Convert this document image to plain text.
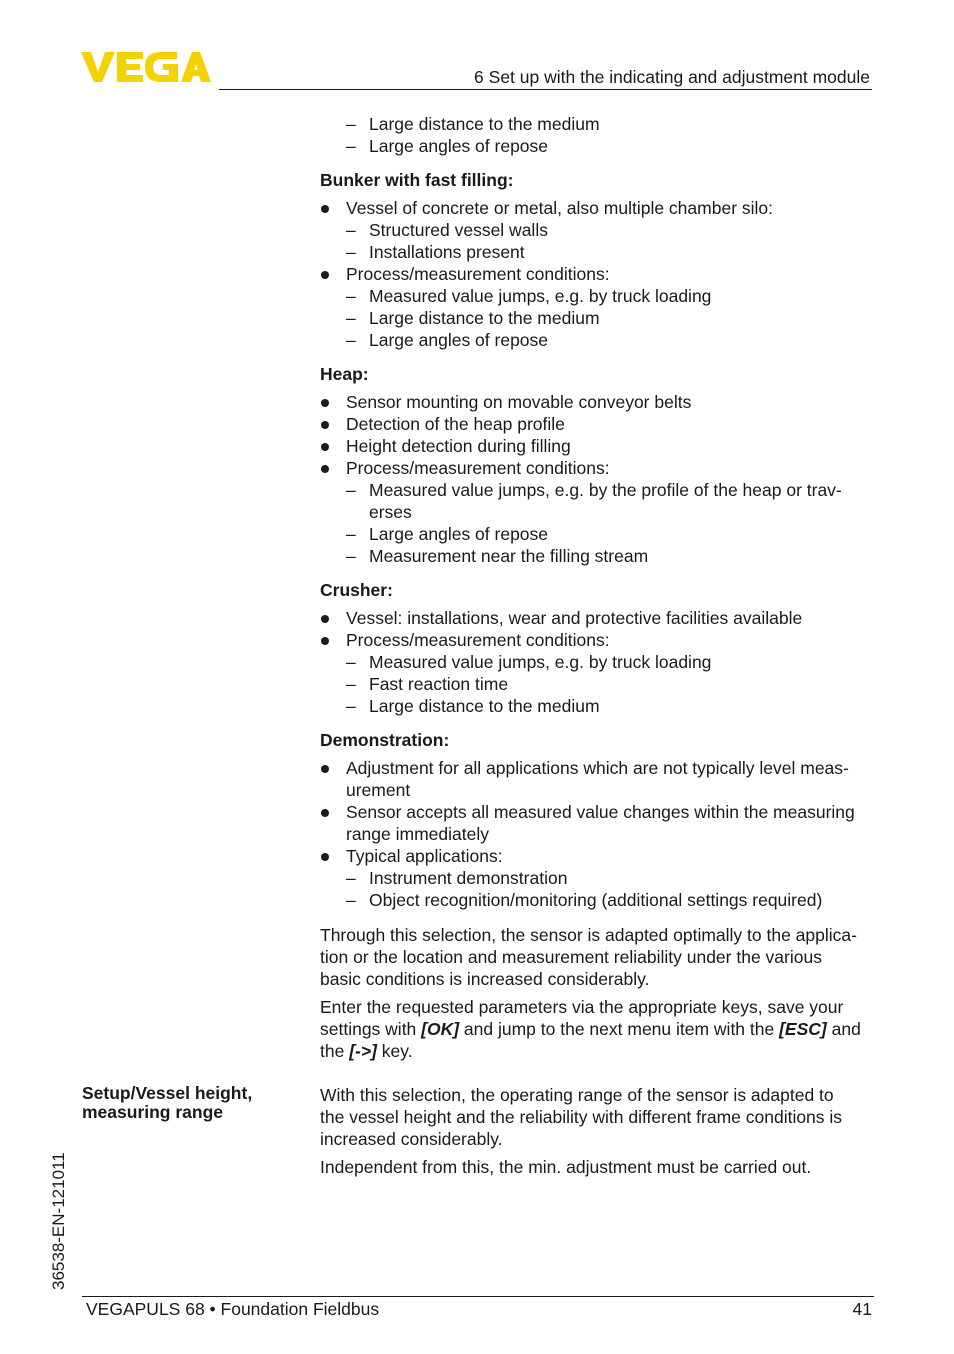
6 Set up with the indicating and adjustment module
– Large distance to the medium
– Large angles of repose
Bunker with fast filling:
Vessel of concrete or metal, also multiple chamber silo:
– Structured vessel walls
– Installations present
Process/measurement conditions:
– Measured value jumps, e.g. by truck loading
– Large distance to the medium
– Large angles of repose
Heap:
Sensor mounting on movable conveyor belts
Detection of the heap profile
Height detection during filling
Process/measurement conditions:
– Measured value jumps, e.g. by the profile of the heap or trav-
erses
– Large angles of repose
– Measurement near the filling stream
Crusher:
Vessel: installations, wear and protective facilities available
Process/measurement conditions:
– Measured value jumps, e.g. by truck loading
– Fast reaction time
– Large distance to the medium
Demonstration:
Adjustment for all applications which are not typically level meas-
urement
Sensor accepts all measured value changes within the measuring
range immediately
Typical applications:
– Instrument demonstration
– Object recognition/monitoring (additional settings required)
Through this selection, the sensor is adapted optimally to the applica-
tion or the location and measurement reliability under the various
basic conditions is increased considerably.
Enter the requested parameters via the appropriate keys, save your
settings with [OK] and jump to the next menu item with the [ESC] and
the [->] key.
Setup/Vessel height,
measuring range
With this selection, the operating range of the sensor is adapted to
the vessel height and the reliability with different frame conditions is
increased considerably.
Independent from this, the min. adjustment must be carried out.
36538-EN-121011
VEGAPULS 68 • Foundation Fieldbus	41
